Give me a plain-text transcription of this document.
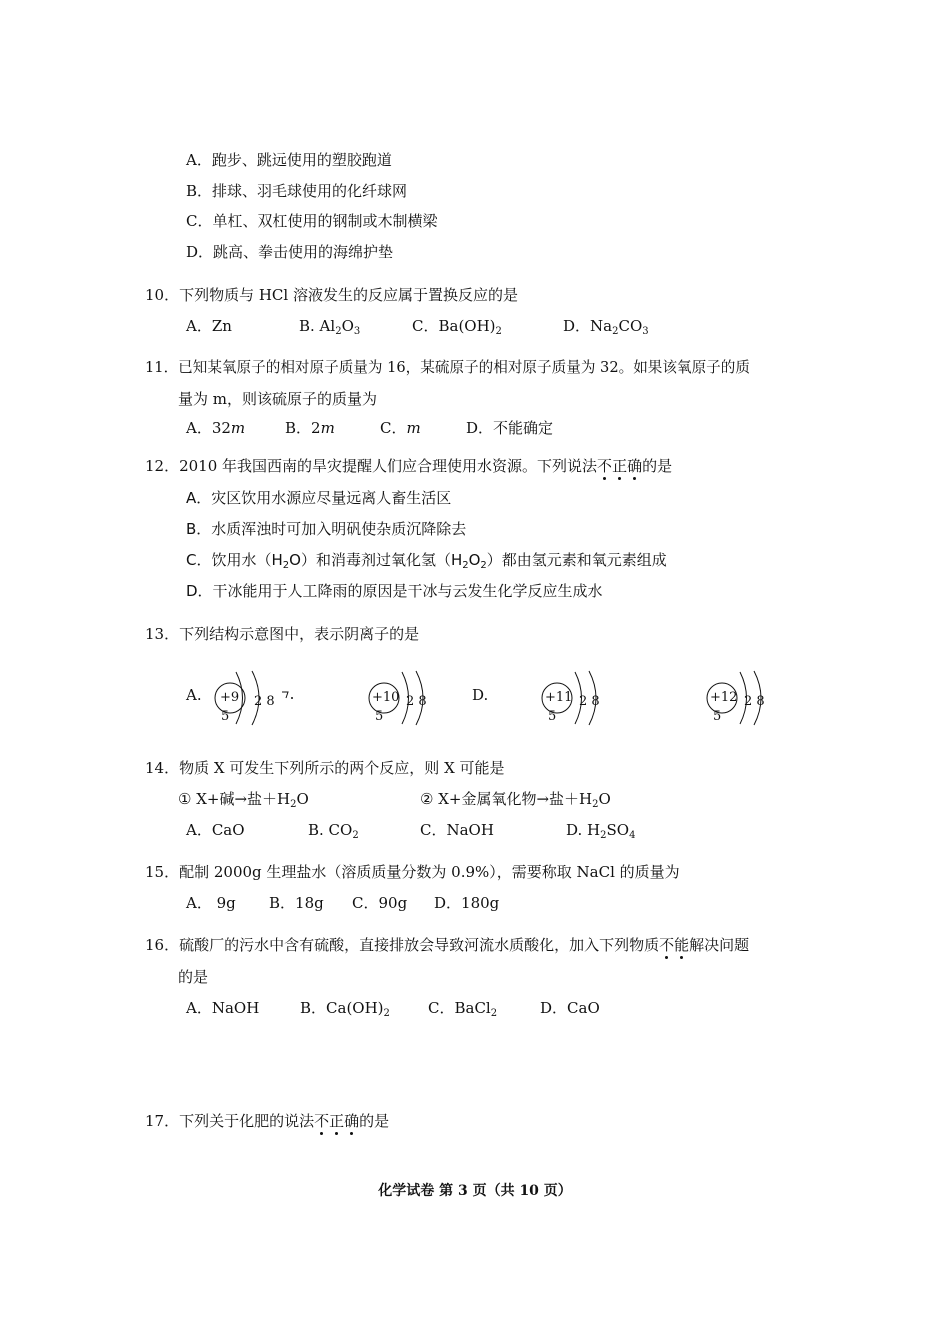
A．跑步、跳远使用的塑胶跑道
B．排球、羽毛球使用的化纤球网
C．单杠、双杠使用的钢制或木制横梁
D．跳高、拳击使用的海绵护垫
10．下列物质与 HCl 溶液发生的反应属于置换反应的是
A．Zn	B. $Al_2O_3$	C．$Ba(OH)_2$	D．$Na_2CO_3$
11．已知某氧原子的相对原子质量为 16，某硫原子的相对原子质量为 32。如果该氧原子的质
量为 m，则该硫原子的质量为
A．32m	B．2m	C．m	D．不能确定
12．2010 年我国西南的旱灾提醒人们应合理使用水资源。下列说法不正确的是
A．灾区饮用水源应尽量远离人畜生活区
B．水质浑浊时可加入明矾使杂质沉降除去
C．饮用水$(H_2O)$和消毒剂过氧化氢$(H_2O_2)$都由氢元素和氧元素组成
D．干冰能用于人工降雨的原因是干冰与云发生化学反应生成水
13．下列结构示意图中，表示阴离子的是
A.	D.
+9 2 8
5
+10 2 8
5
+11 2 8
5
+12 2 8
5
14．物质 X 可发生下列所示的两个反应，则 X 可能是
① X+碱→盐$+H_2O$	② X+金属氧化物→盐$+H_2O$
A．CaO	B. $CO_2$	C．NaOH	D. $H_2SO_4$
15．配制 2000g 生理盐水（溶质质量分数为 0.9%），需要称取 NaCl 的质量为
A． 9g B．18g C．90g D．180g
16．硫酸厂的污水中含有硫酸，直接排放会导致河流水质酸化，加入下列物质不能解决问题
的是
A．NaOH	B．$Ca(OH)_2$	C．BaCl$_2$	D．CaO
17．下列关于化肥的说法不正确的是
化学试卷 第 3 页（共 10 页）
